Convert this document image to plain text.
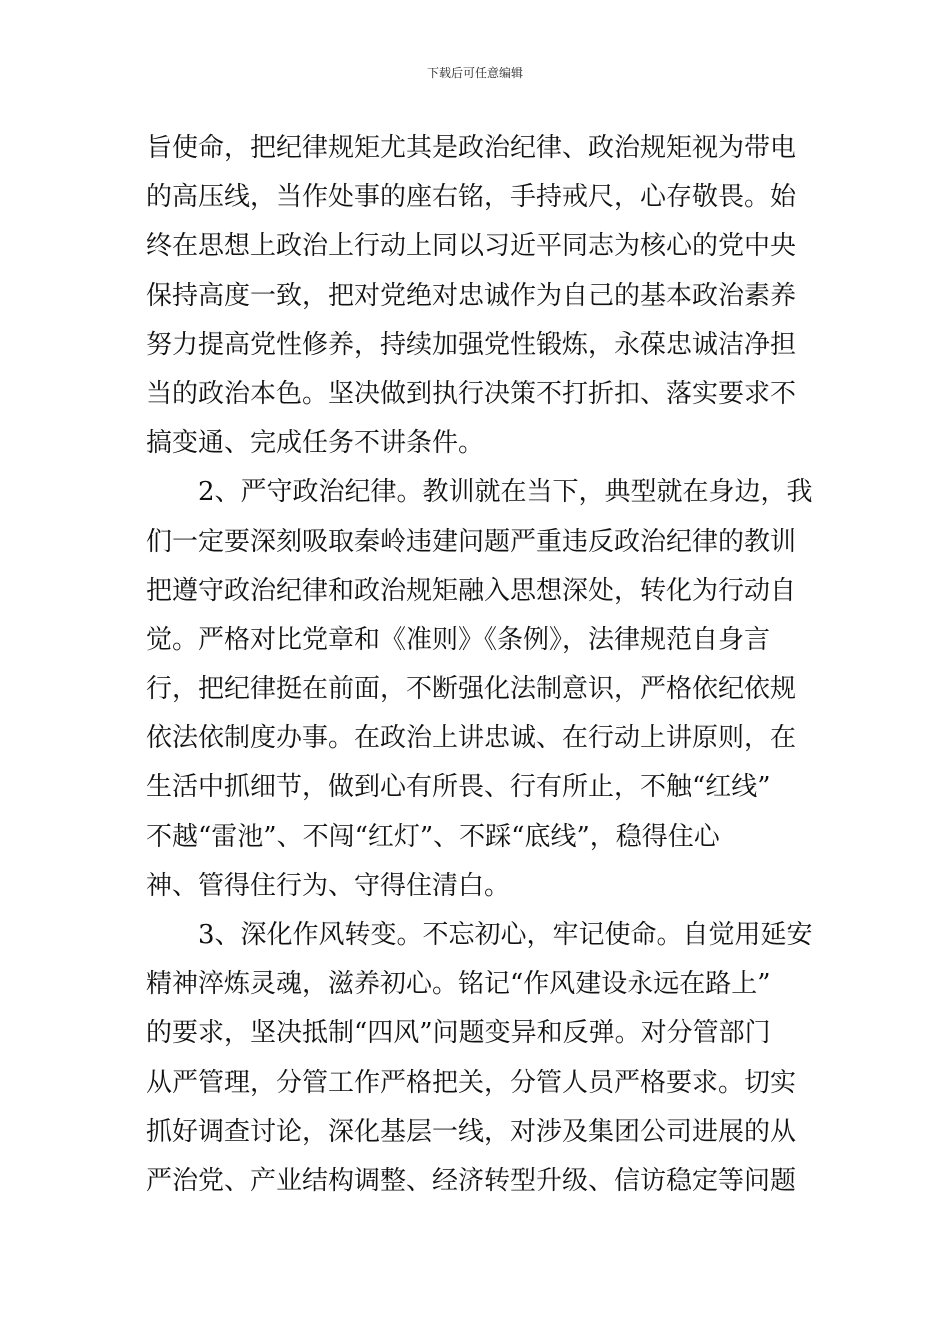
下载后可任意编辑
旨使命，把纪律规矩尤其是政治纪律、政治规矩视为带电
的高压线，当作处事的座右铭，手持戒尺，心存敬畏。始
终在思想上政治上行动上同以习近平同志为核心的党中央
保持高度一致，把对党绝对忠诚作为自己的基本政治素养
努力提高党性修养，持续加强党性锻炼，永葆忠诚洁净担
当的政治本色。坚决做到执行决策不打折扣、落实要求不
搞变通、完成任务不讲条件。
2、严守政治纪律。教训就在当下，典型就在身边，我
们一定要深刻吸取秦岭违建问题严重违反政治纪律的教训
把遵守政治纪律和政治规矩融入思想深处，转化为行动自
觉。严格对比党章和《准则》《条例》，法律规范自身言
行，把纪律挺在前面，不断强化法制意识，严格依纪依规
依法依制度办事。在政治上讲忠诚、在行动上讲原则，在
生活中抓细节，做到心有所畏、行有所止，不触“红线”
不越“雷池”、不闯“红灯”、不踩“底线”，稳得住心
神、管得住行为、守得住清白。
3、深化作风转变。不忘初心，牢记使命。自觉用延安
精神淬炼灵魂，滋养初心。铭记“作风建设永远在路上”
的要求，坚决抵制“四风”问题变异和反弹。对分管部门
从严管理，分管工作严格把关，分管人员严格要求。切实
抓好调查讨论，深化基层一线，对涉及集团公司进展的从
严治党、产业结构调整、经济转型升级、信访稳定等问题
